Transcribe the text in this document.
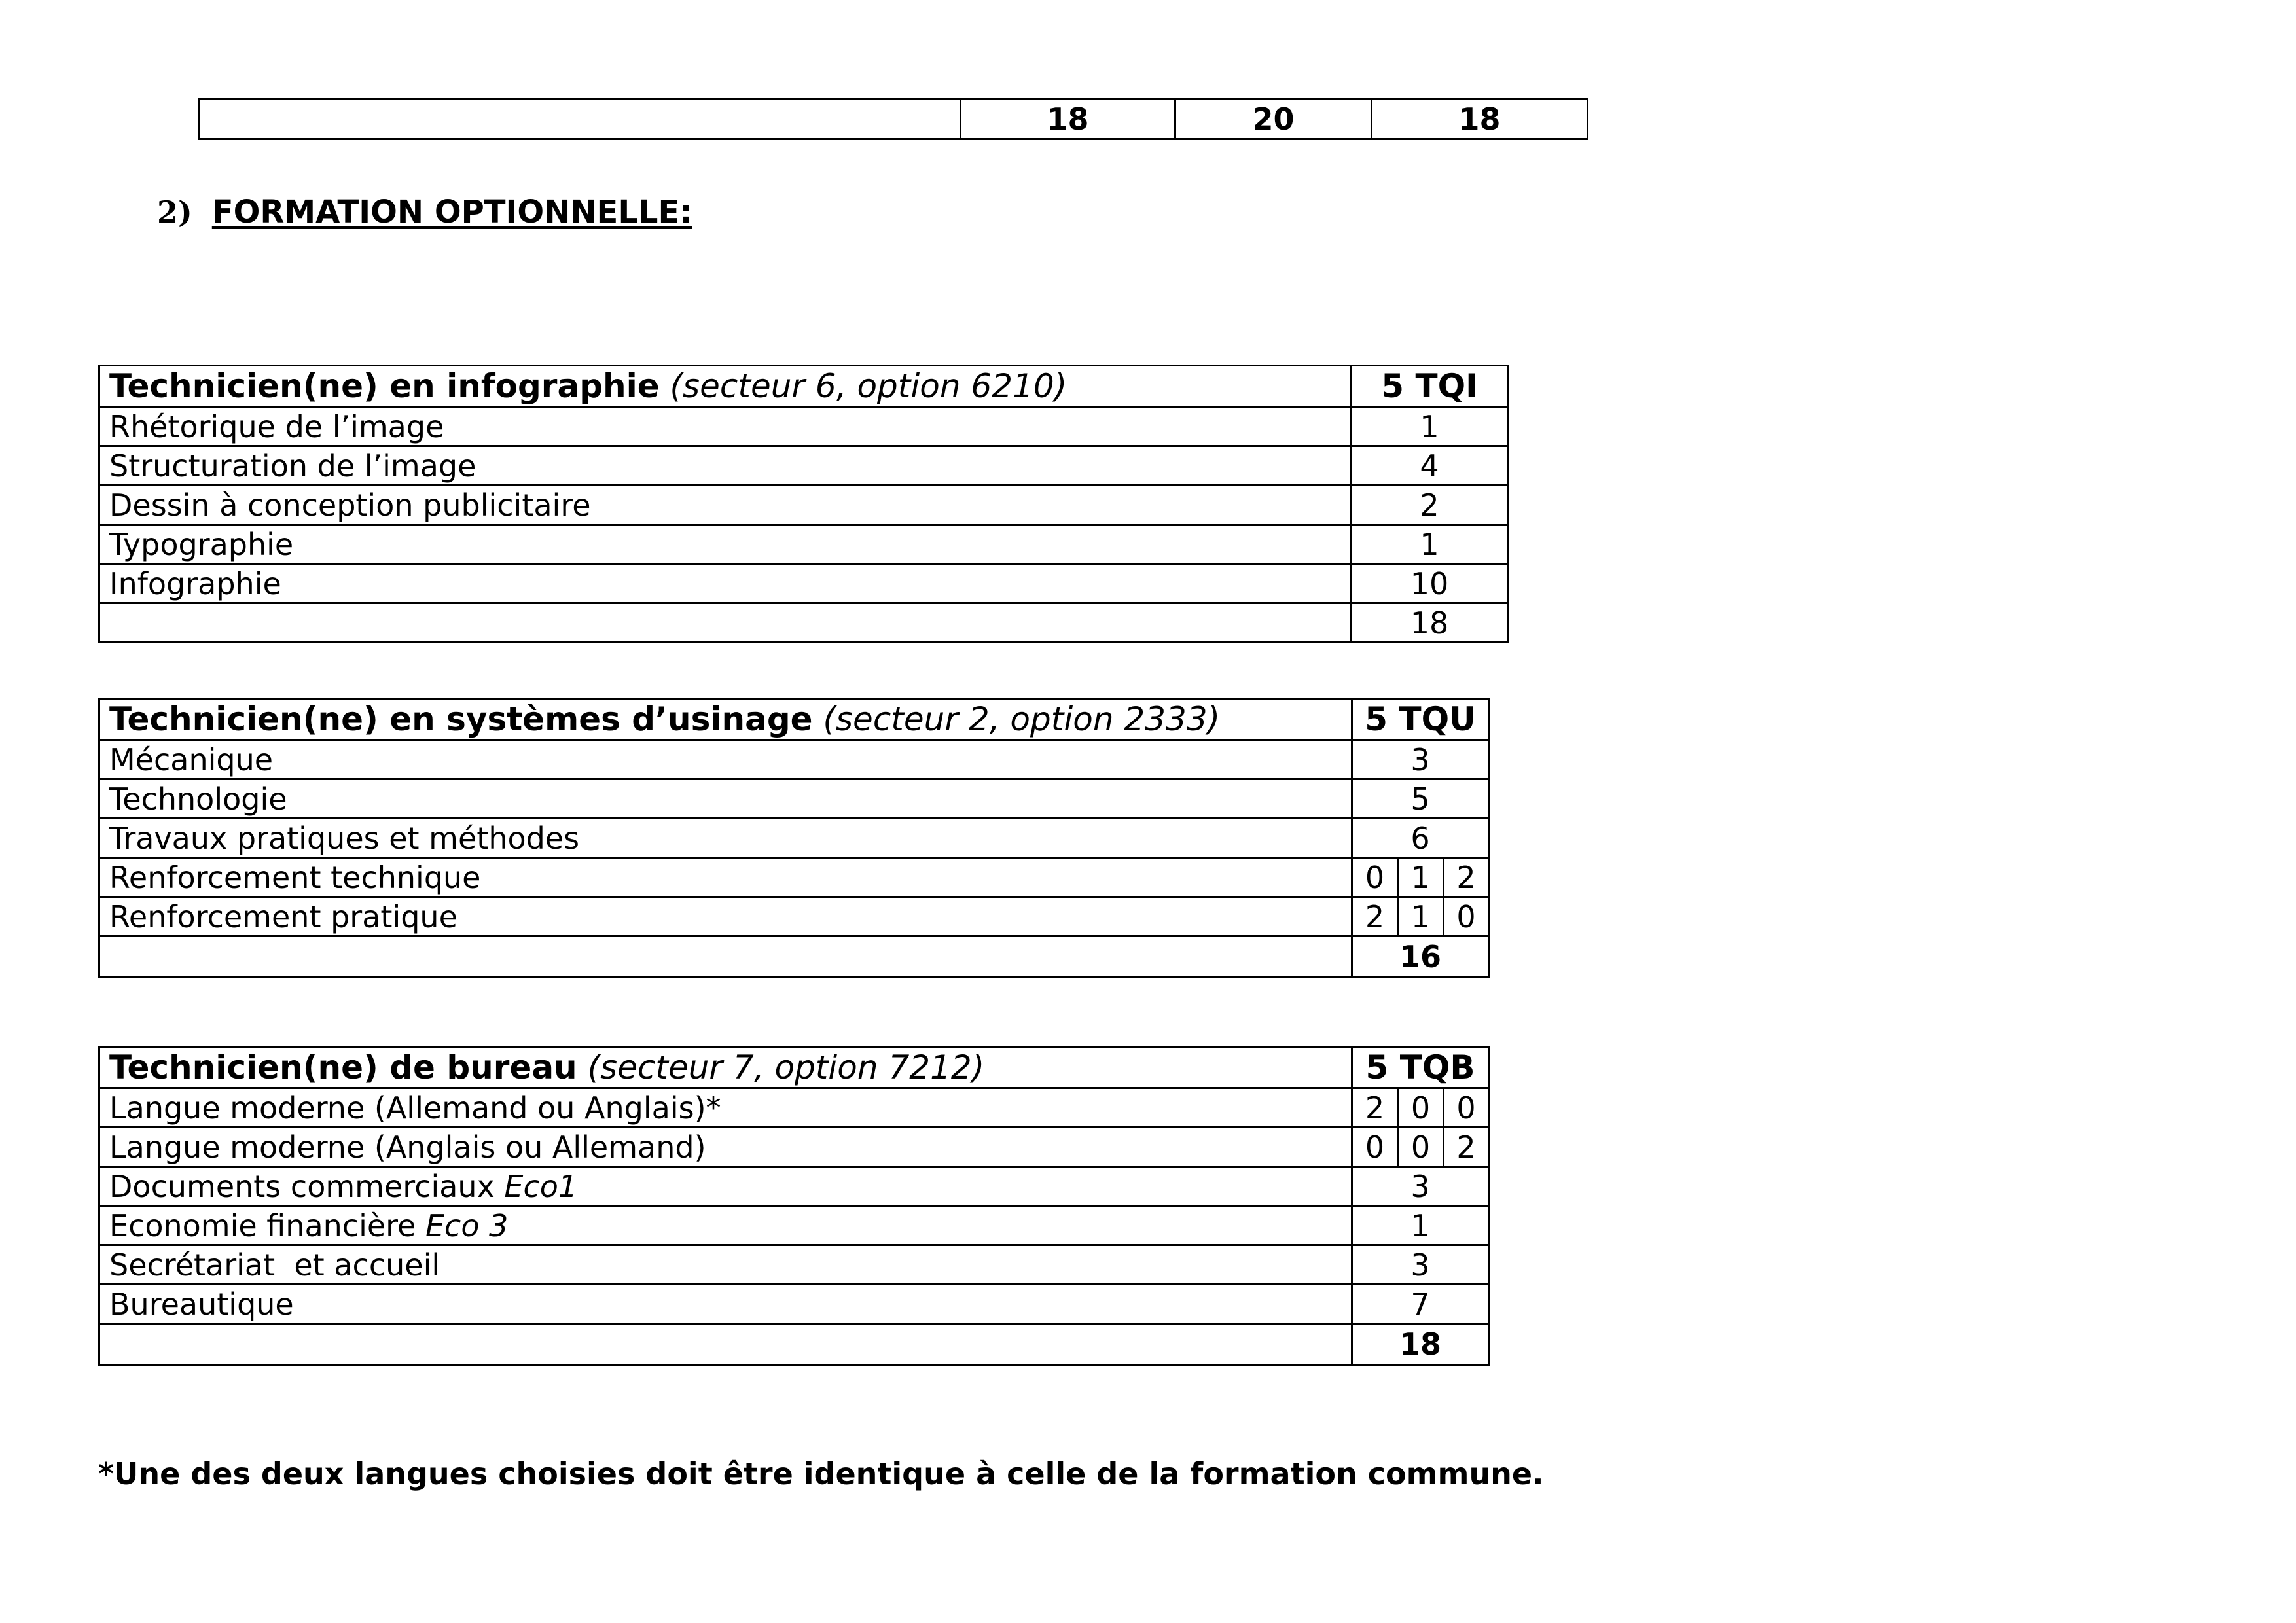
	18	20	18
2) FORMATION OPTIONNELLE:
Technicien(ne) en infographie (secteur 6, option 6210)	5 TQI
Rhétorique de l’image	1
Structuration de l’image	4
Dessin à conception publicitaire	2
Typographie	1
Infographie	10
	18
Technicien(ne) en systèmes d’usinage (secteur 2, option 2333)	5 TQU		
Mécanique	3		
Technologie	5		
Travaux pratiques et méthodes	6		
Renforcement technique	0	1	2
Renforcement pratique	2	1	0
	16		
Technicien(ne) de bureau (secteur 7, option 7212)	5 TQB		
Langue moderne (Allemand ou Anglais)*	2	0	0
Langue moderne (Anglais ou Allemand)	0	0	2
Documents commerciaux Eco1	3		
Economie financière Eco 3	1		
Secrétariat  et accueil	3		
Bureautique	7		
	18		

*Une des deux langues choisies doit être identique à celle de la formation commune.
